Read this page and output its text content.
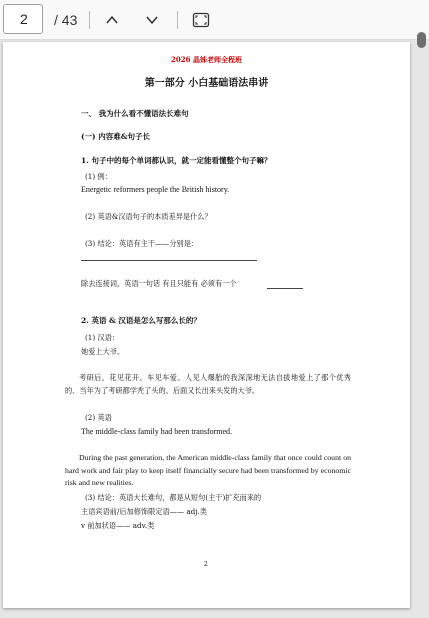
2	/ 43
2026 晶姊老师全程班
第一部分 小白基础语法串讲
一、 我为什么看不懂语法长难句
(一) 内容难&句子长
1. 句子中的每个单词都认识，就一定能看懂整个句子嘛？
(1) 例：
Energetic reformers people the British history.
(2) 英语&汉语句子的本质差异是什么？
(3) 结论：英语有主干——分别是：
除去连接词，英语一句话 有且只能有 必须有一个
2. 英语 & 汉语是怎么写那么长的？
(1) 汉语：
她爱上大爷。
考研后，花见花开、车见车爱、人见人爆胎的我深深地无法自拔地爱上了那个优秀的、当年为了考研都学秃了头的、后面又长出来头发的大爷。
(2) 英语
The middle-class family had been transformed.
During the past generation, the American middle-class family that once could count on hard work and fair play to keep itself financially secure had been transformed by economic risk and new realities.
(3) 结论：英语大长难句，都是从短句(主干)扩充而来的
主语宾语前/后加修饰限定语—— adj.类
v 前加状语—— adv.类
2
